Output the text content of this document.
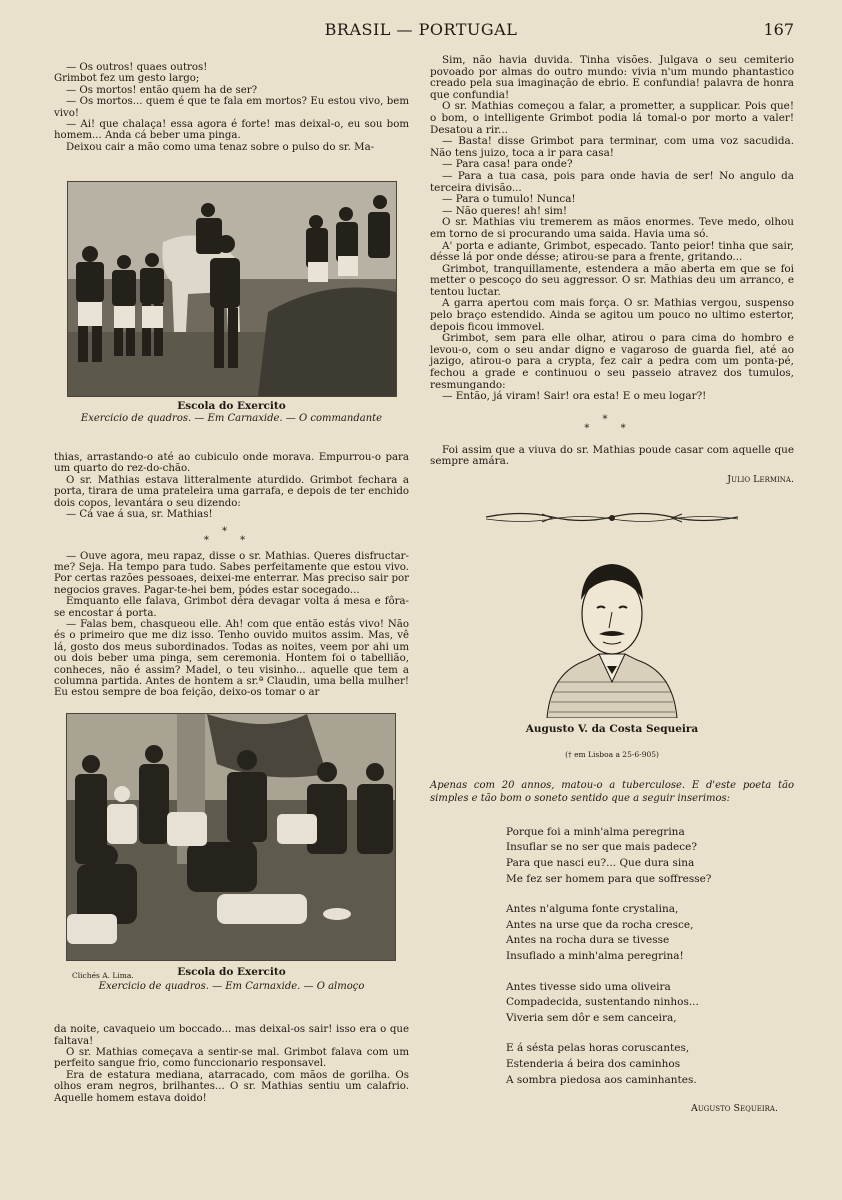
BRASIL — PORTUGAL	167

— Os outros! quaes outros!

Grimbot fez um gesto largo;

— Os mortos! então quem ha de ser?

— Os mortos... quem é que te fala em mortos? Eu estou vivo, bem vivo!

— Ai! que chalaça! essa agora é forte! mas deixal-o, eu sou bom homem... Anda cá beber uma pinga.

Deixou cair a mão como uma tenaz sobre o pulso do sr. Ma-

Escola do Exercito
Exercicio de quadros. — Em Carnaxide. — O commandante

thias, arrastando-o até ao cubiculo onde morava. Empurrou-o para um quarto do rez-do-chão.

O sr. Mathias estava litteralmente aturdido. Grimbot fechara a porta, tirara de uma prateleira uma garrafa, e depois de ter enchido dois copos, levantára o seu dizendo:

— Cá vae á sua, sr. Mathias!

*
* *

— Ouve agora, meu rapaz, disse o sr. Mathias. Queres disfructar-me? Seja. Ha tempo para tudo. Sabes perfeitamente que estou vivo. Por certas razões pessoaes, deixei-me enterrar. Mas preciso sair por negocios graves. Pagar-te-hei bem, pódes estar socegado...

Emquanto elle falava, Grimbot déra devagar volta á mesa e fôra-se encostar á porta.

— Falas bem, chasqueou elle. Ah! com que então estás vivo! Não és o primeiro que me diz isso. Tenho ouvido muitos assim. Mas, vê lá, gosto dos meus subordinados. Todas as noites, veem por ahi um ou dois beber uma pinga, sem ceremonia. Hontem foi o tabellião, conheces, não é assim? Madel, o teu visinho... aquelle que tem a columna partida. Antes de hontem a sr.ª Claudin, uma bella mulher! Eu estou sempre de boa feição, deixo-os tomar o ar

Clichés A. Lima.	Escola do Exercito
Exercicio de quadros. — Em Carnaxide. — O almoço

da noite, cavaqueio um boccado... mas deixal-os sair! isso era o que faltava!

O sr. Mathias começava a sentir-se mal. Grimbot falava com um perfeito sangue frio, como funccionario responsavel.

Era de estatura mediana, atarracado, com mãos de gorilha. Os olhos eram negros, brilhantes... O sr. Mathias sentiu um calafrio. Aquelle homem estava doido!

Sim, não havia duvida. Tinha visões. Julgava o seu cemiterio povoado por almas do outro mundo: vivia n'um mundo phantastico creado pela sua imaginação de ebrio. E confundia! palavra de honra que confundia!

O sr. Mathias começou a falar, a prometter, a supplicar. Pois que! o bom, o intelligente Grimbot podia lá tomal-o por morto a valer! Desatou a rir...

— Basta! disse Grimbot para terminar, com uma voz sacudida. Não tens juizo, toca a ir para casa!

— Para casa! para onde?

— Para a tua casa, pois para onde havia de ser! No angulo da terceira divisão...

— Para o tumulo! Nunca!

— Não queres! ah! sim!

O sr. Mathias viu tremerem as mãos enormes. Teve medo, olhou em torno de si procurando uma saida. Havia uma só.

A' porta e adiante, Grimbot, especado. Tanto peior! tinha que sair, désse lá por onde désse; atirou-se para a frente, gritando...

Grimbot, tranquillamente, estendera a mão aberta em que se foi metter o pescoço do seu aggressor. O sr. Mathias deu um arranco, e tentou luctar.

A garra apertou com mais força. O sr. Mathias vergou, suspenso pelo braço estendido. Ainda se agitou um pouco no ultimo estertor, depois ficou immovel.

Grimbot, sem para elle olhar, atirou o para cima do hombro e levou-o, com o seu andar digno e vagaroso de guarda fiel, até ao jazigo, atirou-o para a crypta, fez cair a pedra com um ponta-pé, fechou a grade e continuou o seu passeio atravez dos tumulos, resmungando:

— Então, já viram! Sair! ora esta! E o meu logar?!

*
* *

Foi assim que a viuva do sr. Mathias poude casar com aquelle que sempre amára.

Julio Lermina.
Augusto V. da Costa Sequeira
(† em Lisboa a 25-6-905)

Apenas com 20 annos, matou-o a tuberculose. E d'este poeta tão simples e tão bom o soneto sentido que a seguir inserimos:

Porque foi a minh'alma peregrina
Insuflar se no ser que mais padece?
Para que nasci eu?... Que dura sina
Me fez ser homem para que soffresse?
Antes n'alguma fonte crystalina,
Antes na urse que da rocha cresce,
Antes na rocha dura se tivesse
Insuflado a minh'alma peregrina!
Antes tivesse sido uma oliveira
Compadecida, sustentando ninhos...
Viveria sem dôr e sem canceira,
E á sésta pelas horas coruscantes,
Estenderia á beira dos caminhos
A sombra piedosa aos caminhantes.
Augusto Sequeira.
